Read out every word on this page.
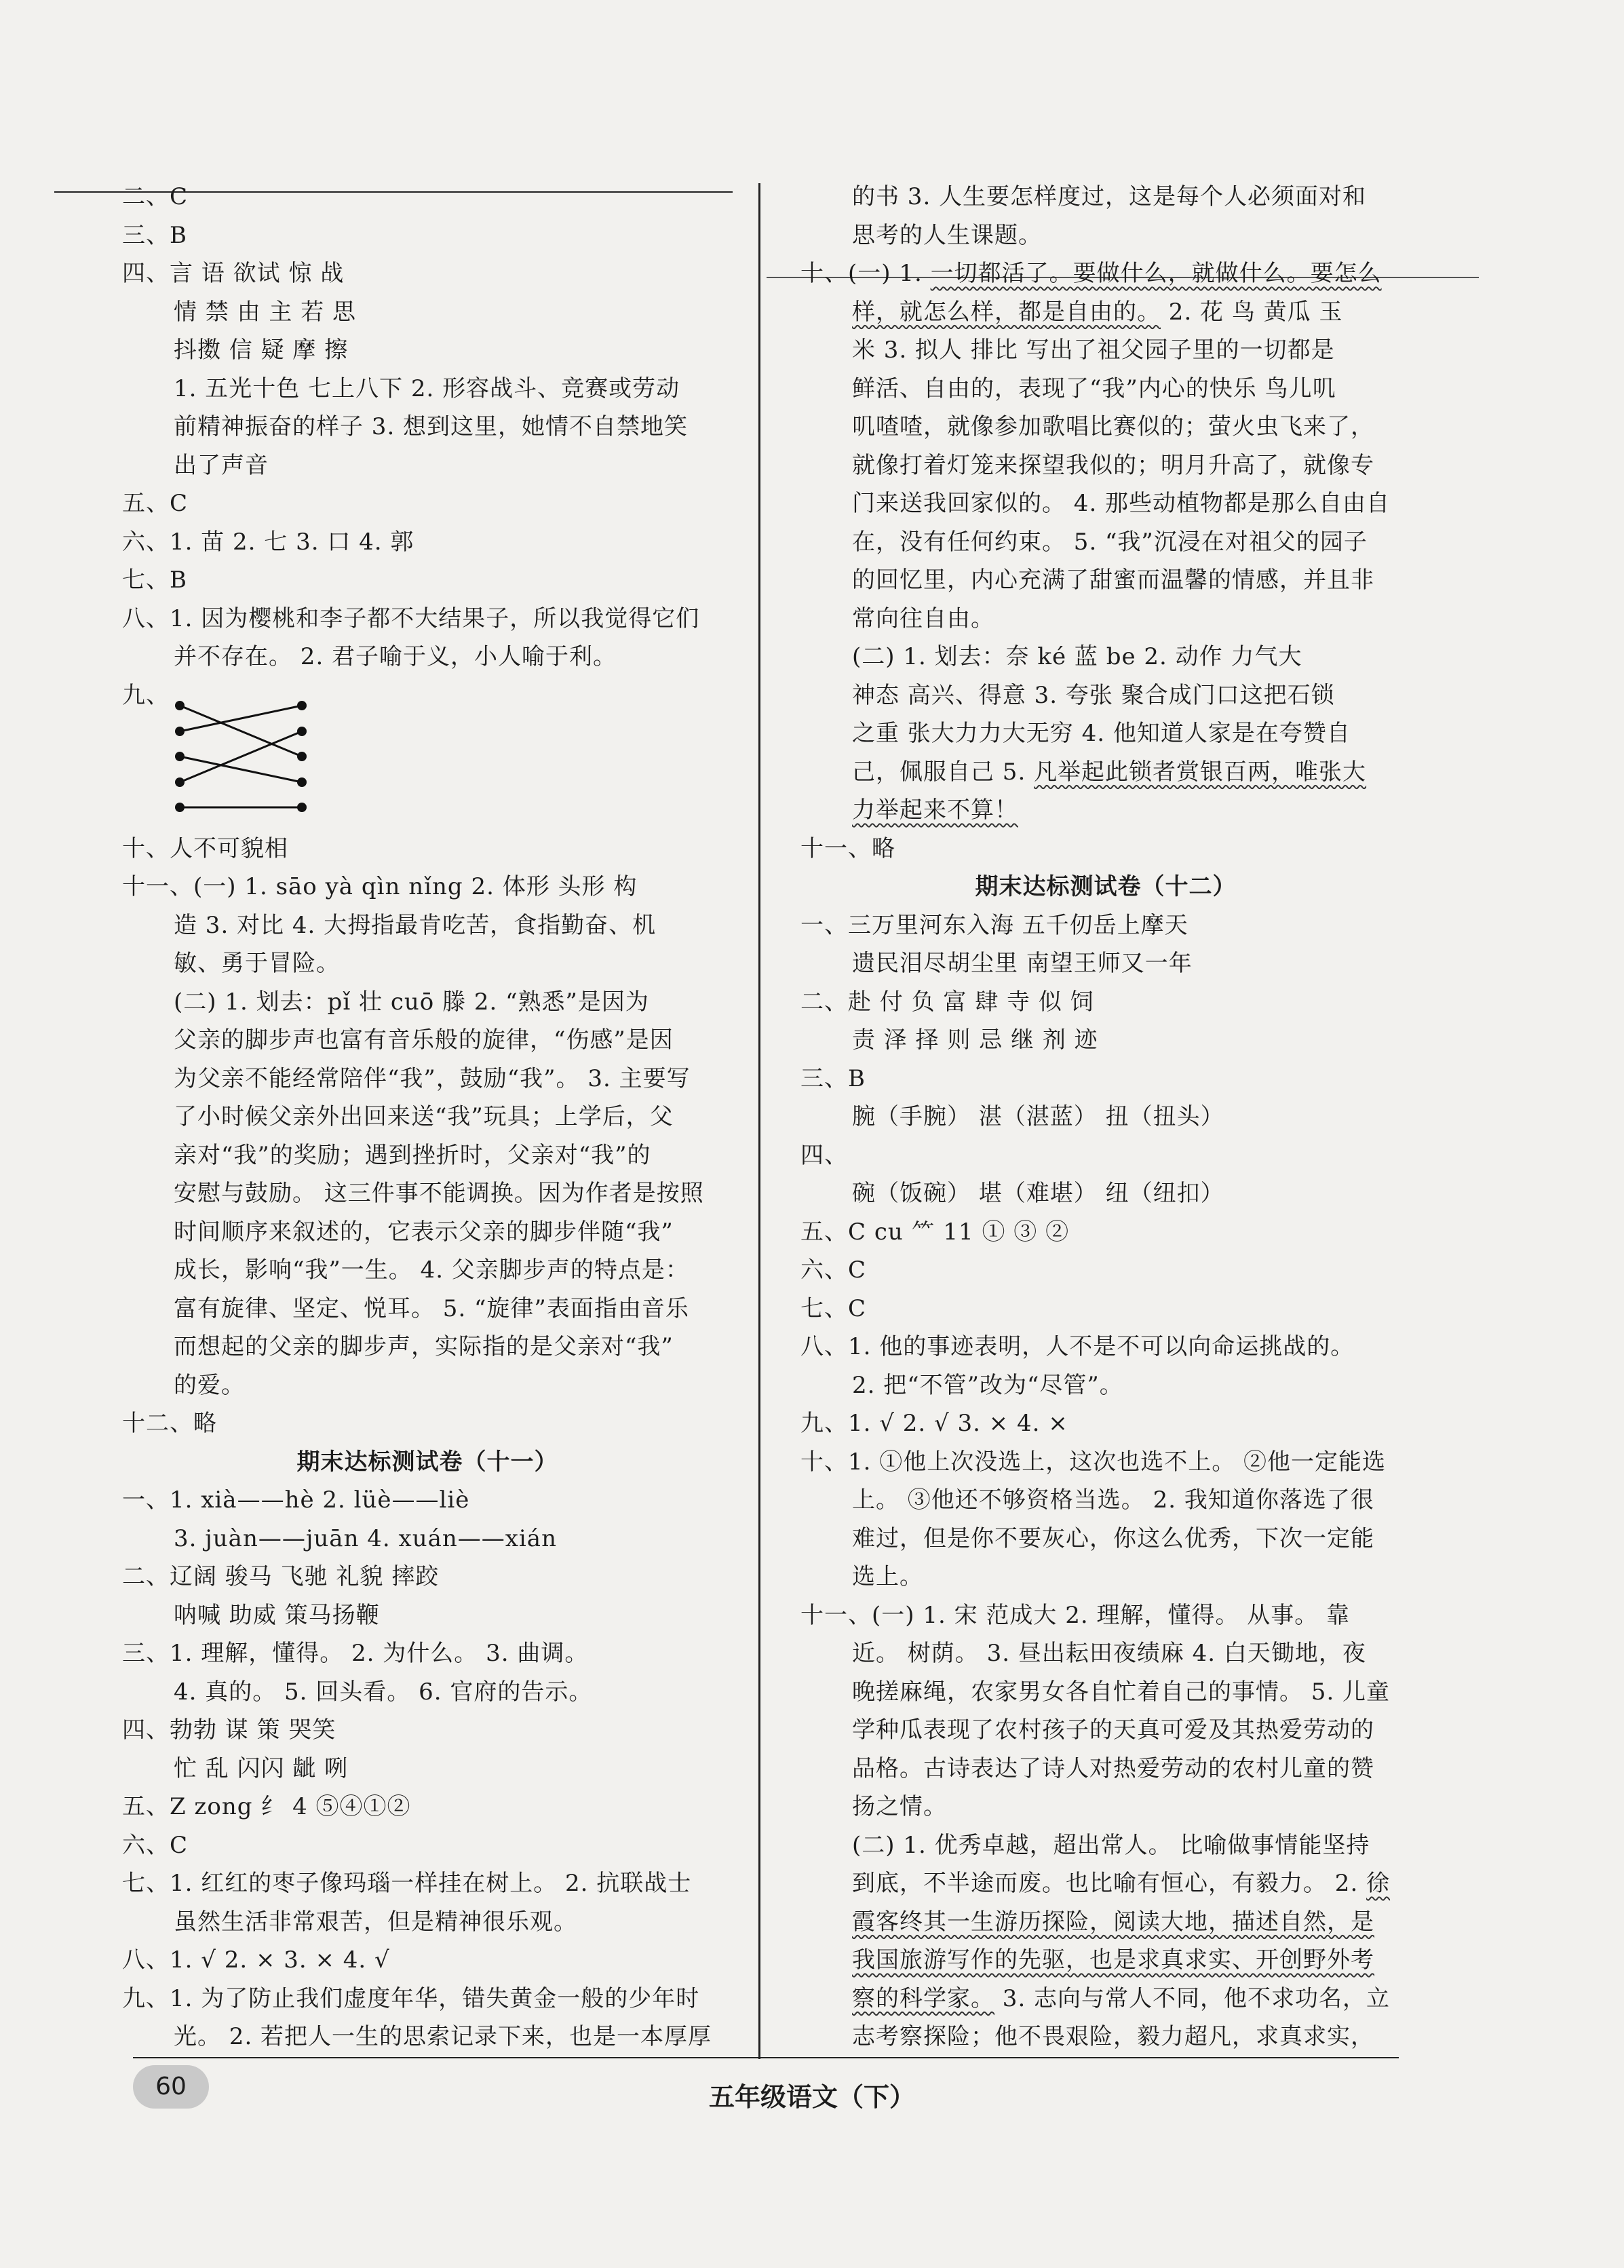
二、C
三、B
四、言 语 欲试 惊 战
情 禁 由 主 若 思
抖擞 信 疑 摩 擦
1. 五光十色 七上八下 2. 形容战斗、竞赛或劳动
前精神振奋的样子 3. 想到这里，她情不自禁地笑
出了声音
五、C
六、1. 苗 2. 七 3. 口 4. 郭
七、B
八、1. 因为樱桃和李子都不大结果子，所以我觉得它们
并不存在。 2. 君子喻于义，小人喻于利。
九、
十、人不可貌相
十一、(一) 1. sāo yà qìn nǐng 2. 体形 头形 构
造 3. 对比 4. 大拇指最肯吃苦，食指勤奋、机
敏、勇于冒险。
(二) 1. 划去：pǐ 壮 cuō 滕 2. “熟悉”是因为
父亲的脚步声也富有音乐般的旋律，“伤感”是因
为父亲不能经常陪伴“我”，鼓励“我”。 3. 主要写
了小时候父亲外出回来送“我”玩具；上学后，父
亲对“我”的奖励；遇到挫折时，父亲对“我”的
安慰与鼓励。 这三件事不能调换。因为作者是按照
时间顺序来叙述的，它表示父亲的脚步伴随“我”
成长，影响“我”一生。 4. 父亲脚步声的特点是：
富有旋律、坚定、悦耳。 5. “旋律”表面指由音乐
而想起的父亲的脚步声，实际指的是父亲对“我”
的爱。
十二、略
期末达标测试卷（十一）
一、1. xià——hè 2. lüè——liè
3. juàn——juān 4. xuán——xián
二、辽阔 骏马 飞驰 礼貌 摔跤
呐喊 助威 策马扬鞭
三、1. 理解，懂得。 2. 为什么。 3. 曲调。
4. 真的。 5. 回头看。 6. 官府的告示。
四、勃勃 谋 策 哭笑
忙 乱 闪闪 龇 咧
五、Z zong 纟 4 ⑤④①②
六、C
七、1. 红红的枣子像玛瑙一样挂在树上。 2. 抗联战士
虽然生活非常艰苦，但是精神很乐观。
八、1. √ 2. × 3. × 4. √
九、1. 为了防止我们虚度年华，错失黄金一般的少年时
光。 2. 若把人一生的思索记录下来，也是一本厚厚
的书 3. 人生要怎样度过，这是每个人必须面对和
思考的人生课题。
十、(一) 1. 一切都活了。要做什么，就做什么。要怎么
样，就怎么样，都是自由的。 2. 花 鸟 黄瓜 玉
米 3. 拟人 排比 写出了祖父园子里的一切都是
鲜活、自由的，表现了“我”内心的快乐 鸟儿叽
叽喳喳，就像参加歌唱比赛似的；萤火虫飞来了，
就像打着灯笼来探望我似的；明月升高了，就像专
门来送我回家似的。 4. 那些动植物都是那么自由自
在，没有任何约束。 5. “我”沉浸在对祖父的园子
的回忆里，内心充满了甜蜜而温馨的情感，并且非
常向往自由。
(二) 1. 划去：奈 ké 蓝 be 2. 动作 力气大
神态 高兴、得意 3. 夸张 聚合成门口这把石锁
之重 张大力力大无穷 4. 他知道人家是在夸赞自
己，佩服自己 5. 凡举起此锁者赏银百两，唯张大
力举起来不算！
十一、略
期末达标测试卷（十二）
一、三万里河东入海 五千仞岳上摩天
遗民泪尽胡尘里 南望王师又一年
二、赴 付 负 富 肆 寺 似 饲
责 泽 择 则 忌 继 剂 迹
三、B
腕（手腕） 湛（湛蓝） 扭（扭头）
四、
碗（饭碗） 堪（难堪） 纽（纽扣）
五、C cu ⺮ 11 ① ③ ②
六、C
七、C
八、1. 他的事迹表明，人不是不可以向命运挑战的。
2. 把“不管”改为“尽管”。
九、1. √ 2. √ 3. × 4. ×
十、1. ①他上次没选上，这次也选不上。 ②他一定能选
上。 ③他还不够资格当选。 2. 我知道你落选了很
难过，但是你不要灰心，你这么优秀，下次一定能
选上。
十一、(一) 1. 宋 范成大 2. 理解，懂得。 从事。 靠
近。 树荫。 3. 昼出耘田夜绩麻 4. 白天锄地，夜
晚搓麻绳，农家男女各自忙着自己的事情。 5. 儿童
学种瓜表现了农村孩子的天真可爱及其热爱劳动的
品格。古诗表达了诗人对热爱劳动的农村儿童的赞
扬之情。
(二) 1. 优秀卓越，超出常人。 比喻做事情能坚持
到底，不半途而废。也比喻有恒心，有毅力。 2. 徐
霞客终其一生游历探险，阅读大地，描述自然，是
我国旅游写作的先驱，也是求真求实、开创野外考
察的科学家。 3. 志向与常人不同，他不求功名，立
志考察探险；他不畏艰险，毅力超凡，求真求实，
60	五年级语文（下）
